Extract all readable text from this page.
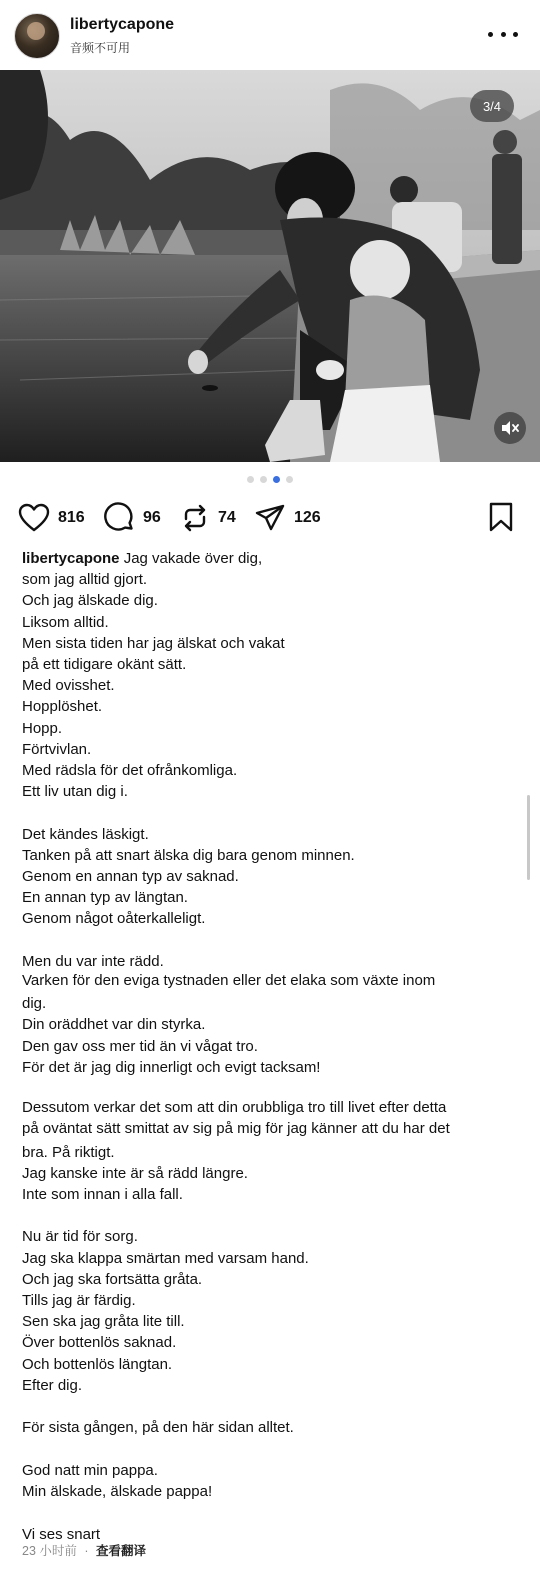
libertycapone
音频不可用
3/4
816	96	74	126
libertycapone Jag vakade över dig,
som jag alltid gjort.
Och jag älskade dig.
Liksom alltid.
Men sista tiden har jag älskat och vakat
på ett tidigare okänt sätt.
Med ovisshet.
Hopplöshet.
Hopp.
Förtvivlan.
Med rädsla för det ofrånkomliga.
Ett liv utan dig i.
Det kändes läskigt.
Tanken på att snart älska dig bara genom minnen.
Genom en annan typ av saknad.
En annan typ av längtan.
Genom något oåterkalleligt.
Men du var inte rädd.
Varken för den eviga tystnaden eller det elaka som växte inom
dig.
Din oräddhet var din styrka.
Den gav oss mer tid än vi vågat tro.
För det är jag dig innerligt och evigt tacksam!
Dessutom verkar det som att din orubbliga tro till livet efter detta
på oväntat sätt smittat av sig på mig för jag känner att du har det
bra. På riktigt.
Jag kanske inte är så rädd längre.
Inte som innan i alla fall.
Nu är tid för sorg.
Jag ska klappa smärtan med varsam hand.
Och jag ska fortsätta gråta.
Tills jag är färdig.
Sen ska jag gråta lite till.
Över bottenlös saknad.
Och bottenlös längtan.
Efter dig.
För sista gången, på den här sidan alltet.
God natt min pappa.
Min älskade, älskade pappa!
Vi ses snart
23 小时前 · 查看翻译
